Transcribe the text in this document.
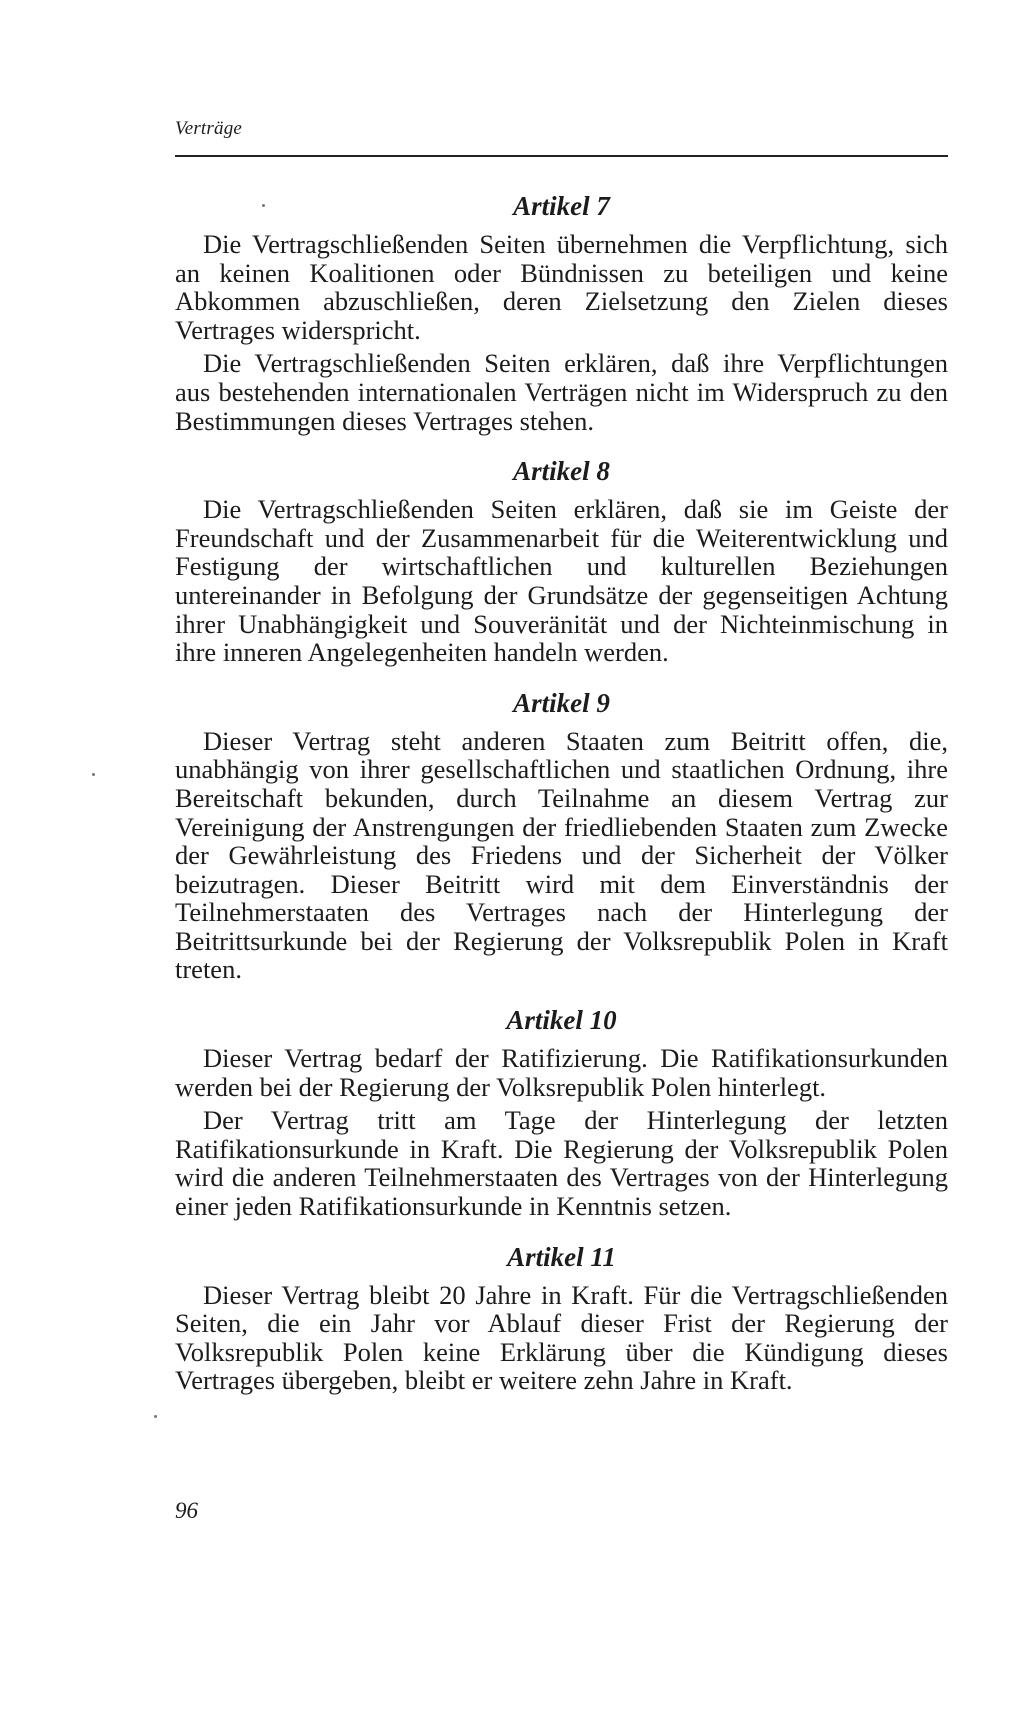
Verträge
Artikel 7

Die Vertragschließenden Seiten übernehmen die Verpflichtung, sich an keinen Koalitionen oder Bündnissen zu beteiligen und keine Abkommen abzuschließen, deren Zielsetzung den Zielen dieses Vertrages widerspricht.

Die Vertragschließenden Seiten erklären, daß ihre Verpflichtungen aus bestehenden internationalen Verträgen nicht im Widerspruch zu den Bestimmungen dieses Vertrages stehen.

Artikel 8

Die Vertragschließenden Seiten erklären, daß sie im Geiste der Freundschaft und der Zusammenarbeit für die Weiterentwicklung und Festigung der wirtschaftlichen und kulturellen Beziehungen untereinander in Befolgung der Grundsätze der gegenseitigen Achtung ihrer Unabhängigkeit und Souveränität und der Nichteinmischung in ihre inneren Angelegenheiten handeln werden.

Artikel 9

Dieser Vertrag steht anderen Staaten zum Beitritt offen, die, unabhängig von ihrer gesellschaftlichen und staatlichen Ordnung, ihre Bereitschaft bekunden, durch Teilnahme an diesem Vertrag zur Vereinigung der Anstrengungen der friedliebenden Staaten zum Zwecke der Gewährleistung des Friedens und der Sicherheit der Völker beizutragen. Dieser Beitritt wird mit dem Einverständnis der Teilnehmerstaaten des Vertrages nach der Hinterlegung der Beitrittsurkunde bei der Regierung der Volksrepublik Polen in Kraft treten.

Artikel 10

Dieser Vertrag bedarf der Ratifizierung. Die Ratifikationsurkunden werden bei der Regierung der Volksrepublik Polen hinterlegt.

Der Vertrag tritt am Tage der Hinterlegung der letzten Ratifikationsurkunde in Kraft. Die Regierung der Volksrepublik Polen wird die anderen Teilnehmerstaaten des Vertrages von der Hinterlegung einer jeden Ratifikationsurkunde in Kenntnis setzen.

Artikel 11

Dieser Vertrag bleibt 20 Jahre in Kraft. Für die Vertragschließenden Seiten, die ein Jahr vor Ablauf dieser Frist der Regierung der Volksrepublik Polen keine Erklärung über die Kündigung dieses Vertrages übergeben, bleibt er weitere zehn Jahre in Kraft.

96
